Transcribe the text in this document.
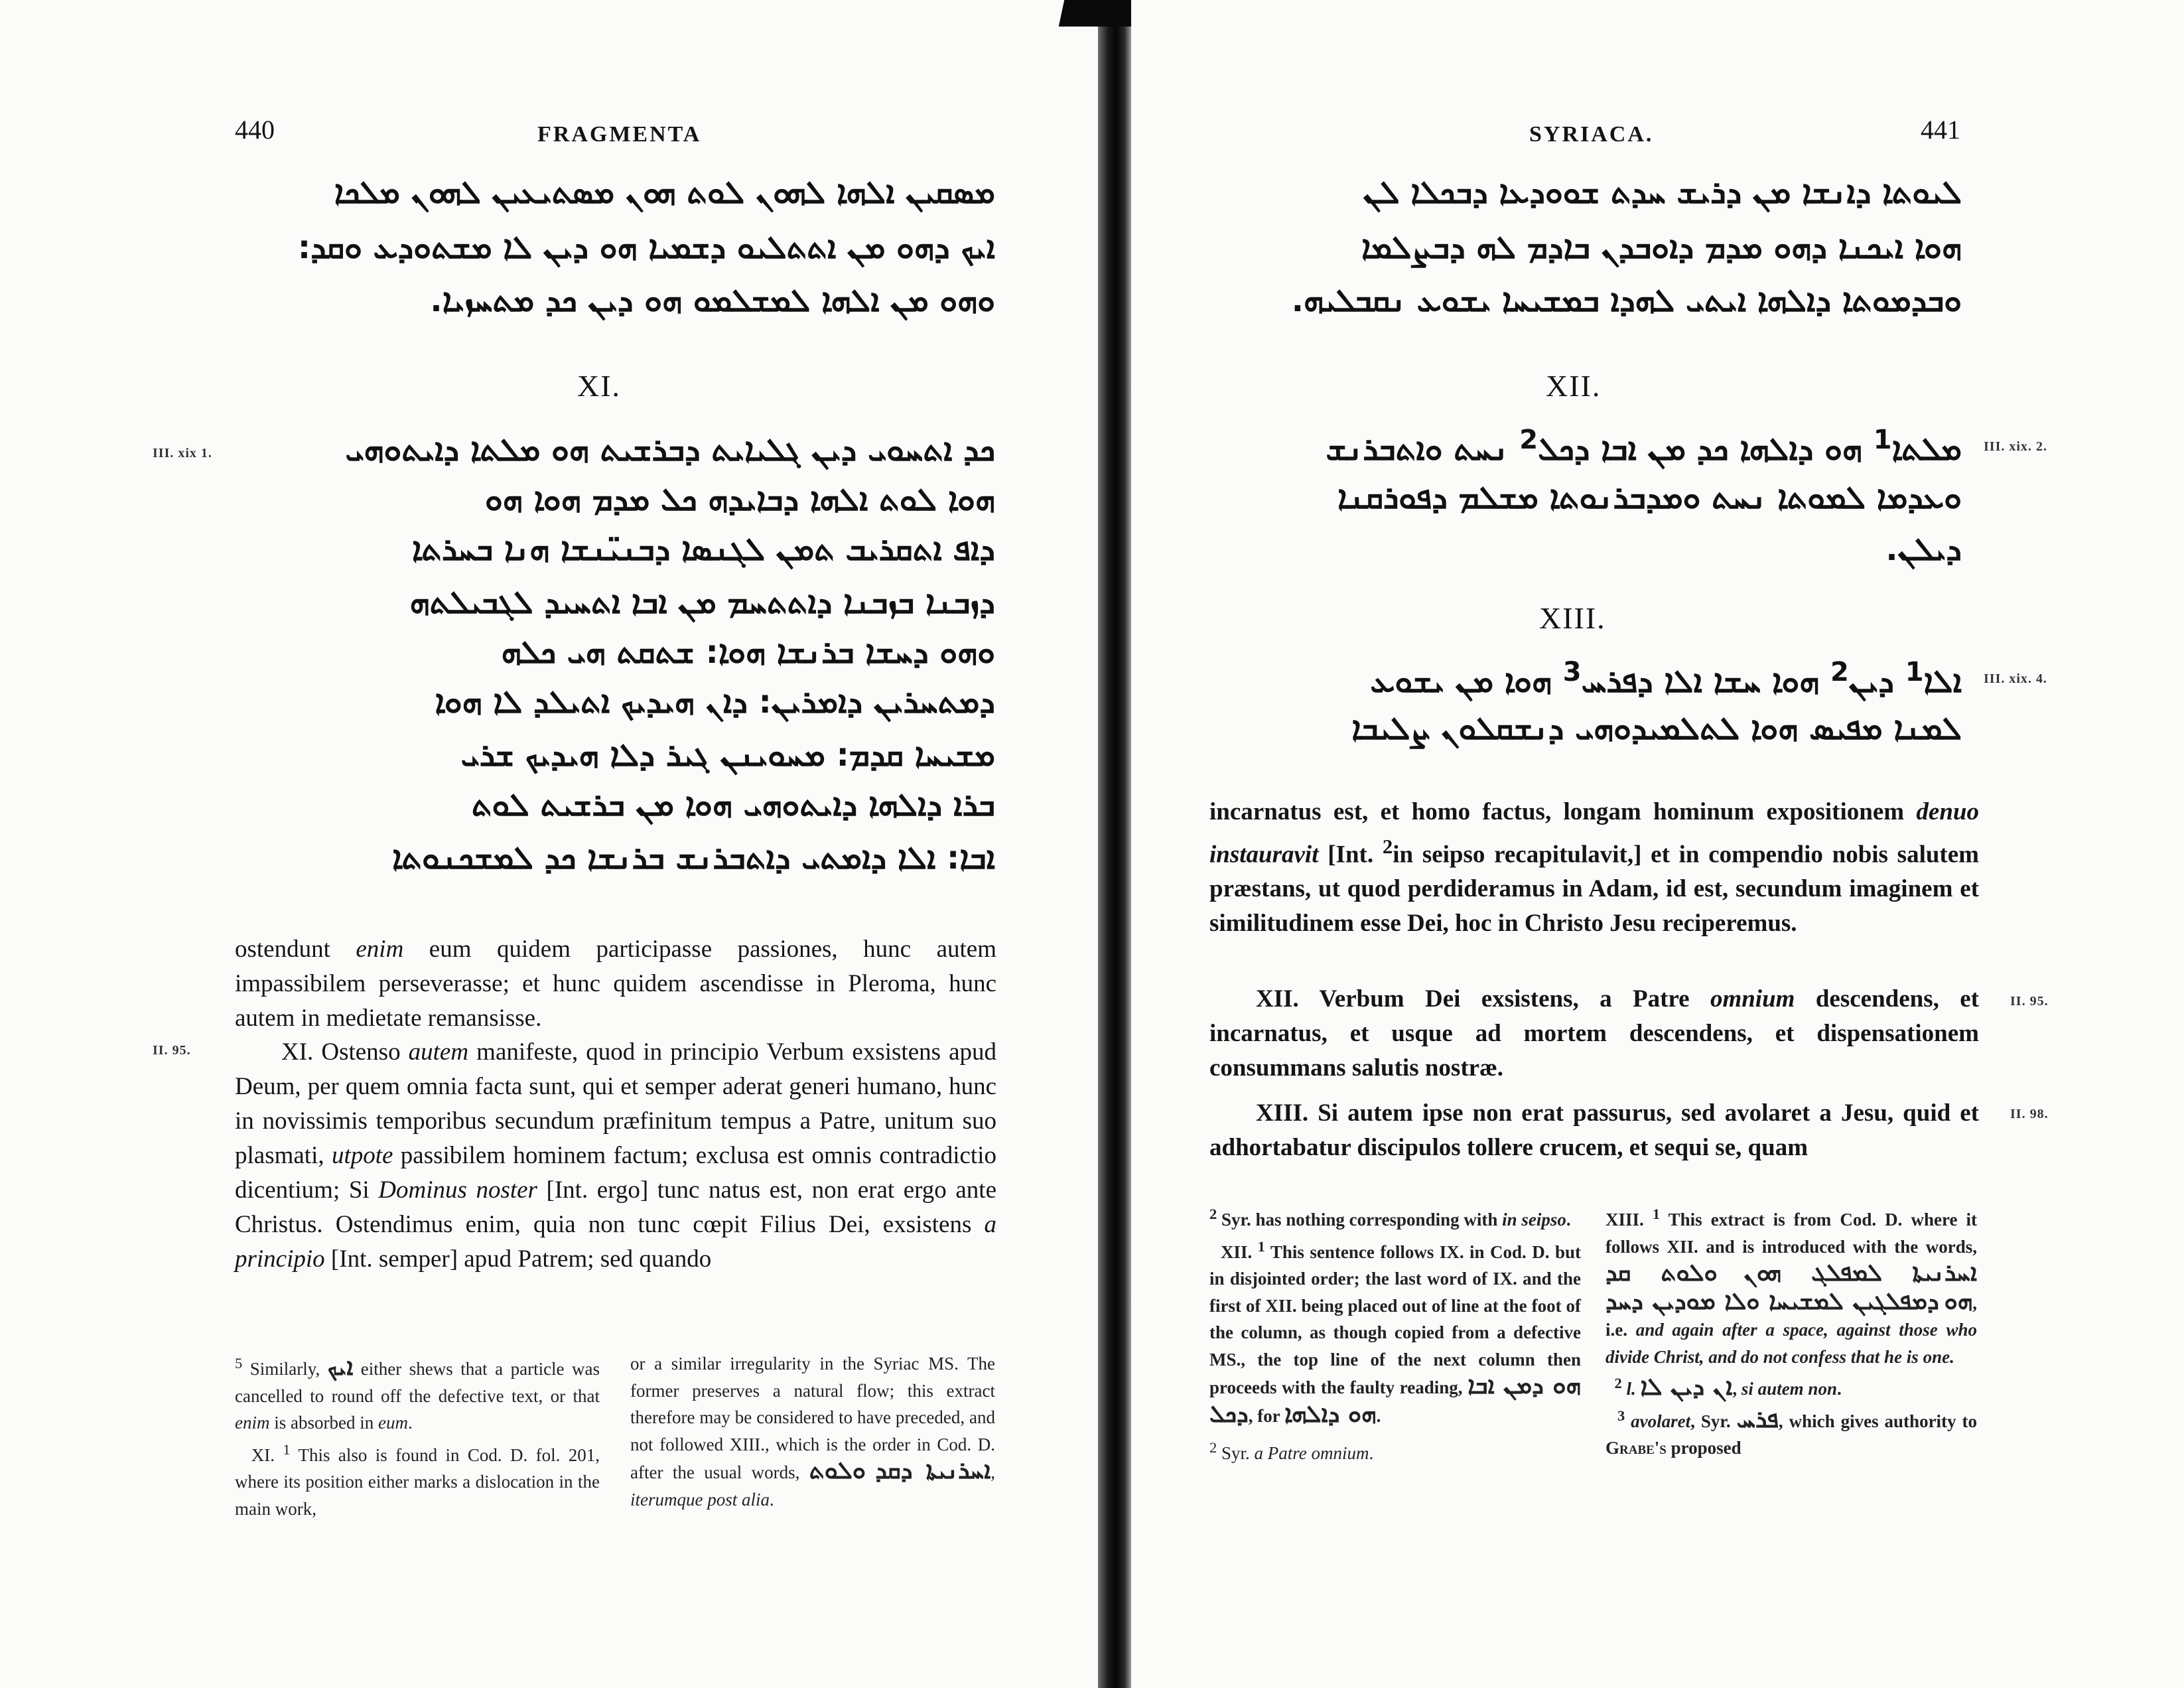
440	FRAGMENTA
ܡܣܩܝܢ ܐܠܗܐ ܠܗܘܢ ܠܘܬ ܗܘܢ ܡܣܬܝܥܝܢ ܠܗܘܢ ܡܠܟܐ
ܐܝܟ ܕܗܘ ܡܢ ܐܬܬܠܝܘ ܕܫܡܝܐ ܗܘ ܕܝܢ ܠܐ ܡܫܬܘܕܥ ܘܩܕ:
ܘܗܘ ܡܢ ܐܠܗܐ ܠܡܫܠܡܘ ܗܘ ܕܝܢ ܟܕ ܡܬܚܙܝܐ.
XI.
III. xix 1.	ܟܕ ܐܬܚܘܝ ܕܝܢ ܓܠܝܐܝܬ ܕܒܪܫܝܬ ܗܘ ܡܠܬܐ ܕܐܝܬܘܗܝ
ܗܘܐ ܠܘܬ ܐܠܗܐ ܕܒܐܝܕܗ ܟܠ ܡܕܡ ܗܘܐ ܗܘ
ܕܐܦ ܐܬܩܪܝܒ ܬܡܢ ܠܓܢܣܐ ܕܒܢܝ̈ܢܫܐ ܗܢܐ ܒܚܪܬܐ
ܕܙܒܢܐ ܒܙܒܢܐ ܕܐܬܬܚܡ ܡܢ ܐܒܐ ܐܬܚܝܕ ܠܓܒܝܠܬܗ
ܘܗܘ ܕܚܫܐ ܒܪܢܫܐ ܗܘܐ: ܫܬܩܬ ܗܝ ܟܠܗ
ܕܡܬܚܪܝܢ ܕܐܡܪܝܢ: ܕܐܢ ܗܝܕܝܟ ܐܬܝܠܕ ܠܐ ܗܘܐ
ܡܫܝܚܐ ܩܕܡ: ܡܚܘܝܢܢ ܓܝܪ ܕܠܐ ܗܝܕܝܟ ܫܪܝ
ܒܪܐ ܕܐܠܗܐ ܕܐܝܬܘܗܝ ܗܘܐ ܡܢ ܒܪܫܝܬ ܠܘܬ
ܐܒܐ: ܐܠܐ ܕܐܡܬܝ ܕܐܬܒܪܢܫ ܒܪܢܫܐ ܟܕ ܠܡܫܟܢܘܬܐ

ostendunt enim eum quidem participasse passiones, hunc autem impassibilem perseverasse; et hunc quidem ascendisse in Pleroma, hunc autem in medietate remansisse.

II. 95.	XI. Ostenso autem manifeste, quod in principio Verbum exsistens apud Deum, per quem omnia facta sunt, qui et semper aderat generi humano, hunc in novissimis temporibus secundum præfinitum tempus a Patre, unitum suo plasmati, utpote passibilem hominem factum; exclusa est omnis contradictio dicentium; Si Dominus noster [Int. ergo] tunc natus est, non erat ergo ante Christus. Ostendimus enim, quia non tunc cœpit Filius Dei, exsistens a principio [Int. semper] apud Patrem; sed quando

$^5$ Similarly, ܐܝܟ either shews that a particle was cancelled to round off the defective text, or that enim is absorbed in eum.
XI. $^1$ This also is found in Cod. D. fol. 201, where its position either marks a dislocation in the main work,

or a similar irregularity in the Syriac MS. The former preserves a natural flow; this extract therefore may be considered to have preceded, and not followed XIII., which is the order in Cod. D. after the usual words, ܘܠܘܬ ܐܚܪܢܝܬܐ ܕܩܕ, iterumque post alia.

SYRIACA.	441
ܠܝܘܬܐ ܕܐܢܫܐ ܡܢ ܕܪܝܫ ܚܕܬ ܫܘܘܕܥܐ ܕܒܟܠܐ ܠܢ
ܗܘܐ ܐܝܟܢܐ ܕܗܘ ܡܕܡ ܕܐܘܒܕܢ ܒܐܕܡ ܠܗ ܕܒܨܠܡܐ
ܘܒܕܡܘܬܐ ܕܐܠܗܐ ܐܝܬܝ ܠܗܕܐ ܒܡܫܝܚܐ ܝܫܘܥ ܢܩܒܠܝܗ.
XII.
III. xix. 2.
ܡܠܬܐ$^1$ ܗܘ ܕܐܠܗܐ ܟܕ ܡܢ ܐܒܐ ܕܟܠ$^2$ ܢܚܬ ܘܐܬܒܪܢܫ
ܘܥܕܡܐ ܠܡܘܬܐ ܢܚܬ ܘܡܕܒܪܢܘܬܐ ܡܫܠܡ ܕܦܘܪܩܢܐ
ܕܝܠܢ.
XIII.
III. xix. 4.
ܐܠܐ$^1$ ܕܝܢ$^2$ ܗܘܐ ܚܫܐ ܐܠܐ ܕܦܪܚ$^3$ ܗܘܐ ܡܢ ܝܫܘܥ
ܠܡܢܐ ܡܦܝܣ ܗܘܐ ܠܬܠܡܝܕܘܗܝ ܕܢܫܩܠܘܢ ܨܠܝܒܐ

incarnatus est, et homo factus, longam hominum expositionem denuo instauravit [Int. $^2$in seipso recapitulavit,] et in compendio nobis salutem præstans, ut quod perdideramus in Adam, id est, secundum imaginem et similitudinem esse Dei, hoc in Christo Jesu reciperemus.

II. 95.

XII. Verbum Dei exsistens, a Patre omnium descendens, et incarnatus, et usque ad mortem descendens, et dispensationem consummans salutis nostræ.

II. 98.

XIII. Si autem ipse non erat passurus, sed avolaret a Jesu, quid et adhortabatur discipulos tollere crucem, et sequi se, quam

$^2$ Syr. has nothing corresponding with in seipso.
XII. $^1$ This sentence follows IX. in Cod. D. but in disjointed order; the last word of IX. and the first of XII. being placed out of line at the foot of the column, as though copied from a defective MS., the top line of the next column then proceeds with the faulty reading, ܗܘ ܕܡܢ ܐܒܐ ܕܟܠ, for ܗܘ ܕܐܠܗܐ.

$^2$ Syr. a Patre omnium.

XIII. $^1$ This extract is from Cod. D. where it follows XII. and is introduced with the words, ܘܠܘܬ ܩܕ ܐܚܪܢܝܬܐ ܠܡܦܠܓ ܗܘܢ ܕܡܦܠܓܝܢ ܠܡܫܝܚܐ ܘܠܐ ܡܘܕܝܢ ܕܚܕ ܗܘ, i.e. and again after a space, against those who divide Christ, and do not confess that he is one.
$^2$ l. ܐܢ ܕܝܢ ܠܐ, si autem non.
$^3$ avolaret, Syr. ܦܪܚ, which gives authority to Grabe's proposed
